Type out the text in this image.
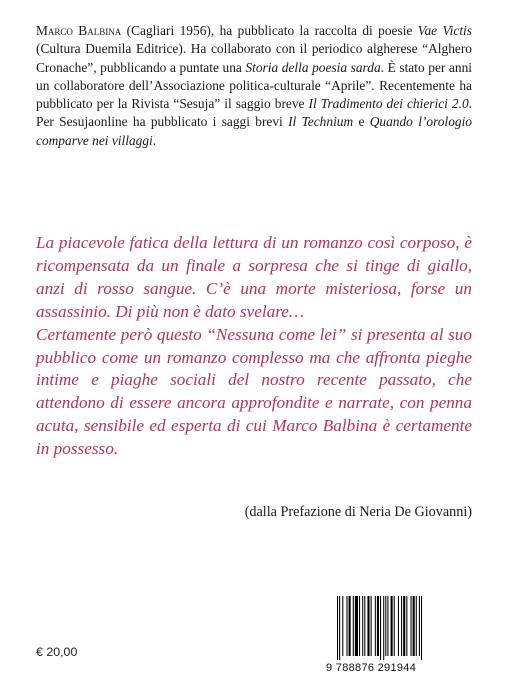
Marco Balbina (Cagliari 1956), ha pubblicato la raccolta di poesie Vae Victis (Cultura Duemila Editrice). Ha collaborato con il periodico algherese “Alghero Cronache”, pubblicando a puntate una Storia della poesia sarda. È stato per anni un collaboratore dell’Associazione politica-culturale “Aprile”. Recentemente ha pubblicato per la Rivista “Sesuja” il saggio breve Il Tradimento dei chierici 2.0. Per Sesujaonline ha pubblicato i saggi brevi Il Technium e Quando l’orologio comparve nei villaggi.

La piacevole fatica della lettura di un romanzo così corposo, è ricompensata da un finale a sorpresa che si tinge di giallo, anzi di rosso sangue. C’è una morte misteriosa, forse un assassinio. Di più non è dato svelare…

Certamente però questo “Nessuna come lei” si presenta al suo pubblico come un romanzo complesso ma che affronta pieghe intime e piaghe sociali del nostro recente passato, che attendono di essere ancora approfondite e narrate, con penna acuta, sensibile ed esperta di cui Marco Balbina è certamente in possesso.

(dalla Prefazione di Neria De Giovanni)
€ 20,00
9 788876 291944
